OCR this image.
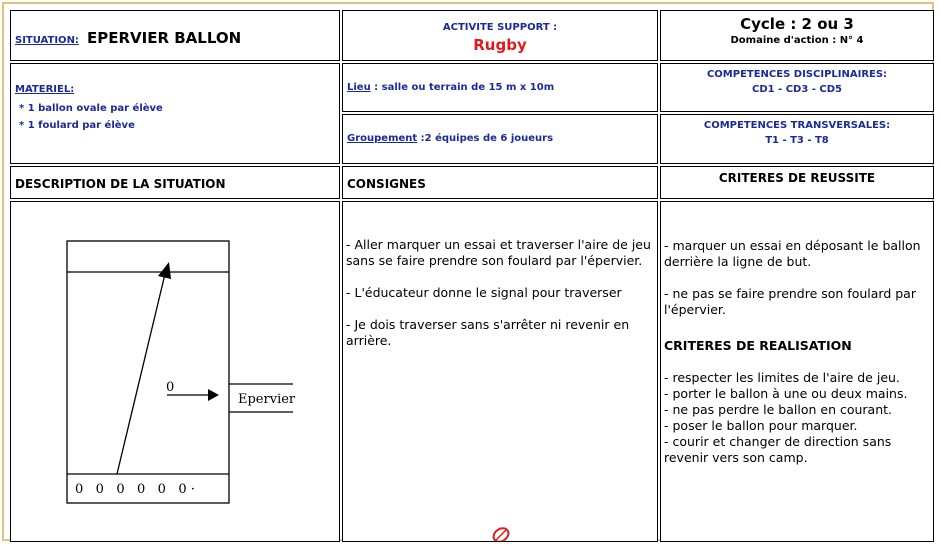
SITUATION: EPERVIER BALLON
ACTIVITE SUPPORT :
Rugby
Cycle : 2 ou 3
Domaine d'action : N° 4
MATERIEL:
* 1 ballon ovale par élève
* 1 foulard par élève
Lieu : salle ou terrain de 15 m x 10m
Groupement :2 équipes de 6 joueurs
COMPETENCES DISCIPLINAIRES:
CD1 - CD3 - CD5
COMPETENCES TRANSVERSALES:
T1 - T3 - T8
DESCRIPTION DE LA SITUATION	CONSIGNES	CRITERES DE REUSSITE
0
Epervier
0   0   0   0   0   0 ·

- Aller marquer un essai et traverser l'aire de jeu sans se faire prendre son foulard par l'épervier.

- L'éducateur donne le signal pour traverser

- Je dois traverser sans s'arrêter ni revenir en arrière.

- marquer un essai en déposant le ballon derrière la ligne de but.

- ne pas se faire prendre son foulard par l'épervier.

CRITERES DE REALISATION
- respecter les limites de l'aire de jeu.
- porter le ballon à une ou deux mains.
- ne pas perdre le ballon en courant.
- poser le ballon pour marquer.
- courir et changer de direction sans revenir vers son camp.
